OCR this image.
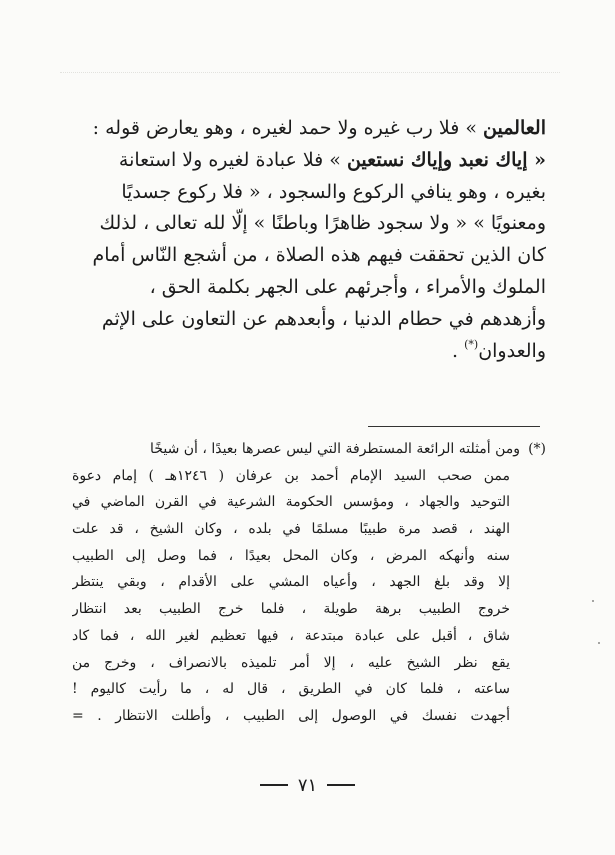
العالمين » فلا رب غيره ولا حمد لغيره ، وهو يعارض قوله :
« إياك نعبد وإياك نستعين » فلا عبادة لغيره ولا استعانة
بغيره ، وهو ينافي الركوع والسجود ، « فلا ركوع جسديًا
ومعنويًا » « ولا سجود ظاهرًا وباطنًا » إلّا لله تعالى ، لذلك
كان الذين تحققت فيهم هذه الصلاة ، من أشجع النّاس أمام
الملوك والأمراء ، وأجرئهم على الجهر بكلمة الحق ،
وأزهدهم في حطام الدنيا ، وأبعدهم عن التعاون على الإثم
والعدوان(*) .
(*)ومن أمثلته الرائعة المستطرفة التي ليس عصرها بعيدًا ، أن شيخًا
ممن صحب السيد الإمام أحمد بن عرفان ( ١٢٤٦هـ ) إمام دعوة
التوحيد والجهاد ، ومؤسس الحكومة الشرعية في القرن الماضي في
الهند ، قصد مرة طبيبًا مسلمًا في بلده ، وكان الشيخ ، قد علت
سنه وأنهكه المرض ، وكان المحل بعيدًا ، فما وصل إلى الطبيب
إلا وقد بلغ الجهد ، وأعياه المشي على الأقدام ، وبقي ينتظر
خروج الطبيب برهة طويلة ، فلما خرج الطبيب بعد انتظار
شاق ، أقبل على عبادة مبتدعة ، فيها تعظيم لغير الله ، فما كاد
يقع نظر الشيخ عليه ، إلا أمر تلميذه بالانصراف ، وخرج من
ساعته ، فلما كان في الطريق ، قال له ، ما رأيت كاليوم !
أجهدت نفسك في الوصول إلى الطبيب ، وأطلت الانتظار . =
٧١
